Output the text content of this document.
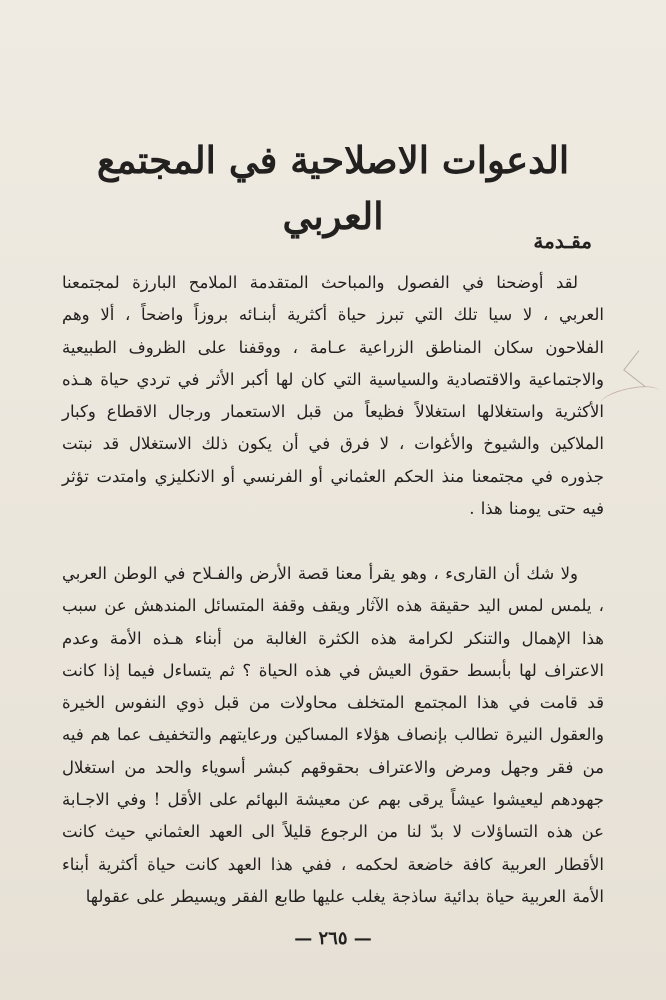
الدعوات الاصلاحية في المجتمع العربي
مقـدمة

لقد أوضحنا في الفصول والمباحث المتقدمة الملامح البارزة لمجتمعنا العربي ، لا سيا تلك التي تبرز حياة أكثرية أبنـائه بروزاً واضحاً ، ألا وهم الفلاحون سكان المناطق الزراعية عـامة ، ووقفنا على الظروف الطبيعية والاجتماعية والاقتصادية والسياسية التي كان لها أكبر الأثر في تردي حياة هـذه الأكثرية واستغلالها استغلالاً فظيعاً من قبل الاستعمار ورجال الاقطاع وكبار الملاكين والشيوخ والأغوات ، لا فرق في أن يكون ذلك الاستغلال قد نبتت جذوره في مجتمعنا منذ الحكم العثماني أو الفرنسي أو الانكليزي وامتدت تؤثر فيه حتى يومنا هذا .

ولا شك أن القارىء ، وهو يقرأ معنا قصة الأرض والفـلاح في الوطن العربي ، يلمس لمس اليد حقيقة هذه الآثار ويقف وقفة المتسائل المندهش عن سبب هذا الإهمال والتنكر لكرامة هذه الكثرة الغالبة من أبناء هـذه الأمة وعدم الاعتراف لها بأبسط حقوق العيش في هذه الحياة ؟ ثم يتساءل فيما إذا كانت قد قامت في هذا المجتمع المتخلف محاولات من قبل ذوي النفوس الخيرة والعقول النيرة تطالب بإنصاف هؤلاء المساكين ورعايتهم والتخفيف عما هم فيه من فقر وجهل ومرض والاعتراف بحقوقهم كبشر أسوياء والحد من استغلال جهودهم ليعيشوا عيشاً يرقى بهم عن معيشة البهائم على الأقل ! وفي الاجـابة عن هذه التساؤلات لا بدّ لنا من الرجوع قليلاً الى العهد العثماني حيث كانت الأقطار العربية كافة خاضعة لحكمه ، ففي هذا العهد كانت حياة أكثرية أبناء الأمة العربية حياة بدائية ساذجة يغلب عليها طابع الفقر ويسيطر على عقولها

— ٢٦٥ —
